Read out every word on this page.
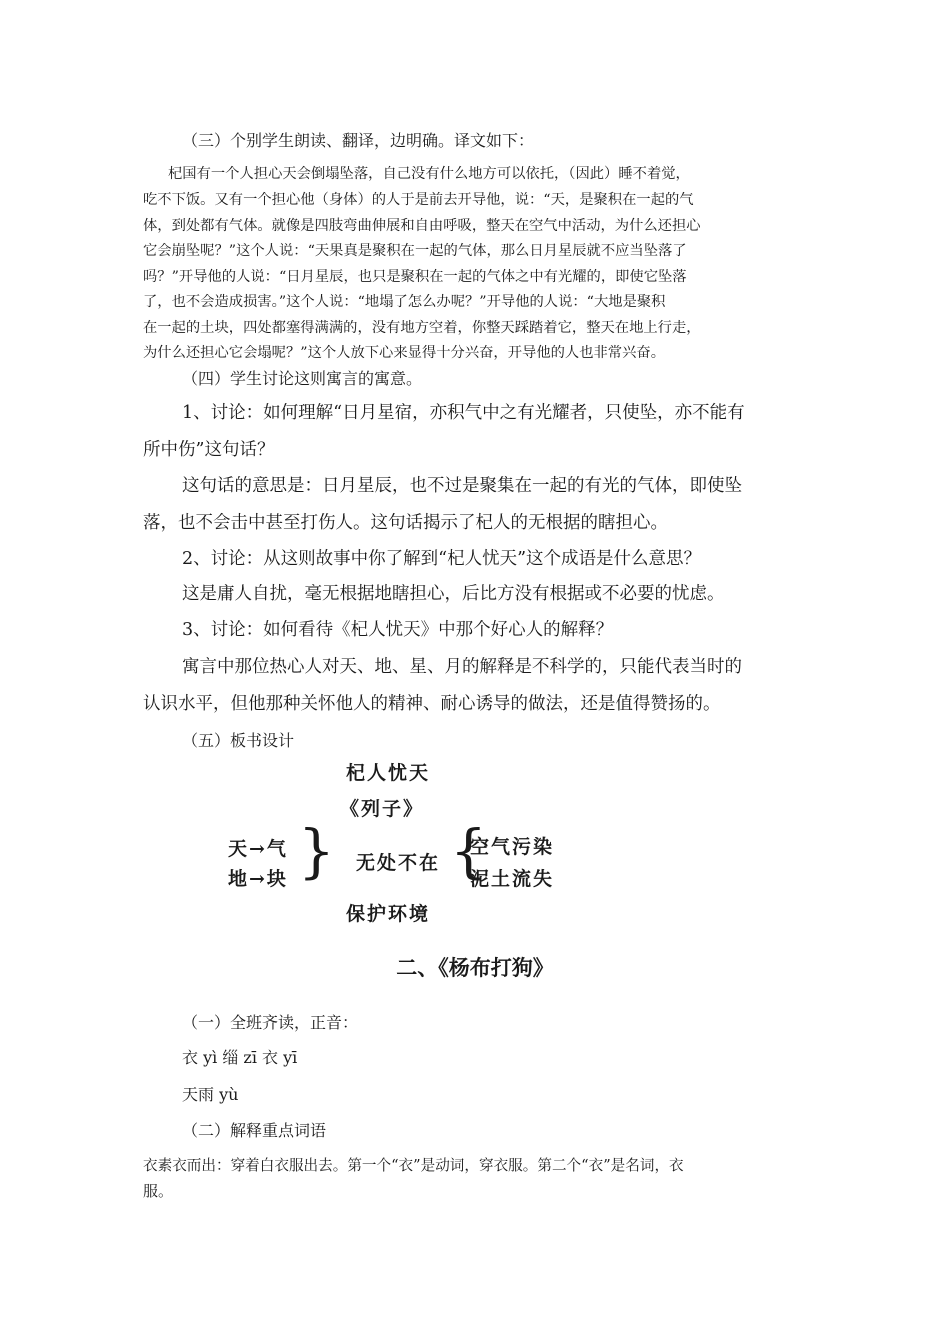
（三）个别学生朗读、翻译，边明确。译文如下：
杞国有一个人担心天会倒塌坠落，自己没有什么地方可以依托，（因此）睡不着觉，
吃不下饭。又有一个担心他（身体）的人于是前去开导他，说：“天，是聚积在一起的气
体，到处都有气体。就像是四肢弯曲伸展和自由呼吸，整天在空气中活动，为什么还担心
它会崩坠呢？”这个人说：“天果真是聚积在一起的气体，那么日月星辰就不应当坠落了
吗？”开导他的人说：“日月星辰，也只是聚积在一起的气体之中有光耀的，即使它坠落
了，也不会造成损害。”这个人说：“地塌了怎么办呢？”开导他的人说：“大地是聚积
在一起的土块，四处都塞得满满的，没有地方空着，你整天踩踏着它，整天在地上行走，
为什么还担心它会塌呢？”这个人放下心来显得十分兴奋，开导他的人也非常兴奋。
（四）学生讨论这则寓言的寓意。
1、讨论：如何理解“日月星宿，亦积气中之有光耀者，只使坠，亦不能有
所中伤”这句话？
这句话的意思是：日月星辰，也不过是聚集在一起的有光的气体，即使坠
落，也不会击中甚至打伤人。这句话揭示了杞人的无根据的瞎担心。
2、讨论：从这则故事中你了解到“杞人忧天”这个成语是什么意思？
这是庸人自扰，毫无根据地瞎担心，后比方没有根据或不必要的忧虑。
3、讨论：如何看待《杞人忧天》中那个好心人的解释？
寓言中那位热心人对天、地、星、月的解释是不科学的，只能代表当时的
认识水平，但他那种关怀他人的精神、耐心诱导的做法，还是值得赞扬的。
（五）板书设计
杞人忧天
《列子》
天→气
地→块 } 无处不在 {
空气污染
泥土流失
保护环境
二、《杨布打狗》
（一）全班齐读，正音：
衣 yì 缁 zī 衣 yī
天雨 yù
（二）解释重点词语
衣素衣而出：穿着白衣服出去。第一个“衣”是动词，穿衣服。第二个“衣”是名词，衣
服。
